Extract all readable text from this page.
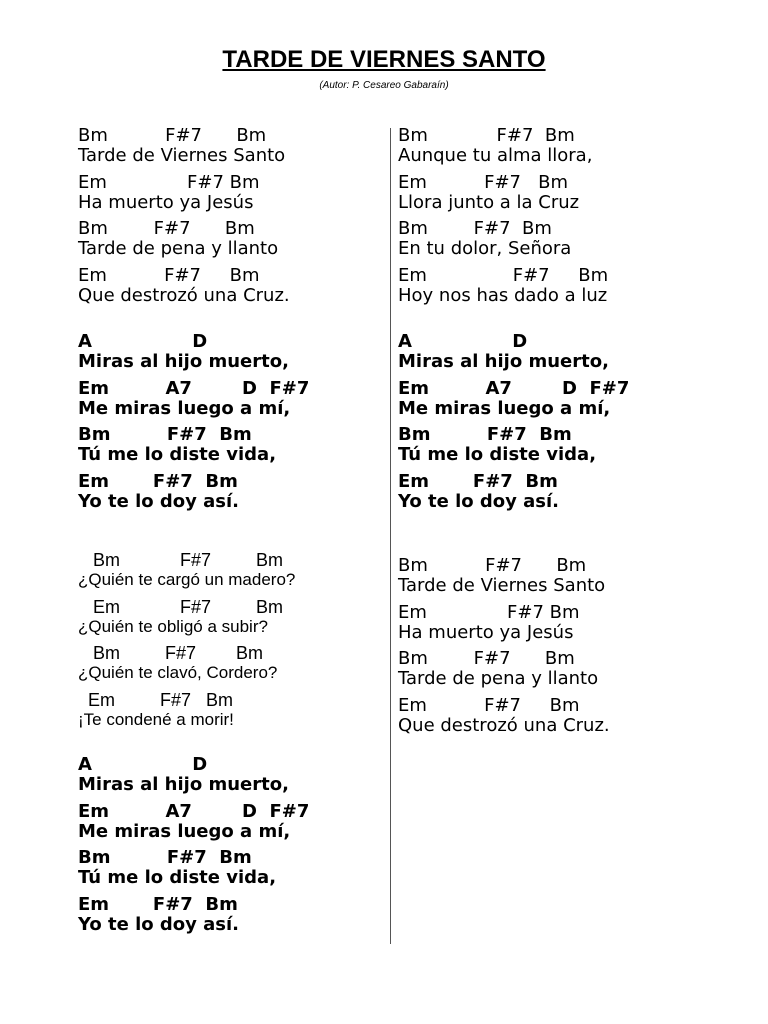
TARDE DE VIERNES SANTO
(Autor: P. Cesareo Gabaraín)
Bm          F#7      Bm
Tarde de Viernes Santo
Em              F#7 Bm
Ha muerto ya Jesús
Bm        F#7      Bm
Tarde de pena y llanto
Em          F#7     Bm
Que destrozó una Cruz.
A                D
Miras al hijo muerto,
Em         A7        D  F#7
Me miras luego a mí,
Bm         F#7  Bm
Tú me lo diste vida,
Em       F#7  Bm
Yo te lo doy así.
Bm            F#7         Bm
¿Quién te cargó un madero?
Em            F#7         Bm
¿Quién te obligó a subir?
Bm         F#7        Bm
¿Quién te clavó, Cordero?
Em         F#7   Bm
¡Te condené a morir!
A                D
Miras al hijo muerto,
Em         A7        D  F#7
Me miras luego a mí,
Bm         F#7  Bm
Tú me lo diste vida,
Em       F#7  Bm
Yo te lo doy así.
Bm            F#7  Bm
Aunque tu alma llora,
Em          F#7   Bm
Llora junto a la Cruz
Bm        F#7  Bm
En tu dolor, Señora
Em               F#7     Bm
Hoy nos has dado a luz
A                D
Miras al hijo muerto,
Em         A7        D  F#7
Me miras luego a mí,
Bm         F#7  Bm
Tú me lo diste vida,
Em       F#7  Bm
Yo te lo doy así.
Bm          F#7      Bm
Tarde de Viernes Santo
Em              F#7 Bm
Ha muerto ya Jesús
Bm        F#7      Bm
Tarde de pena y llanto
Em          F#7     Bm
Que destrozó una Cruz.
